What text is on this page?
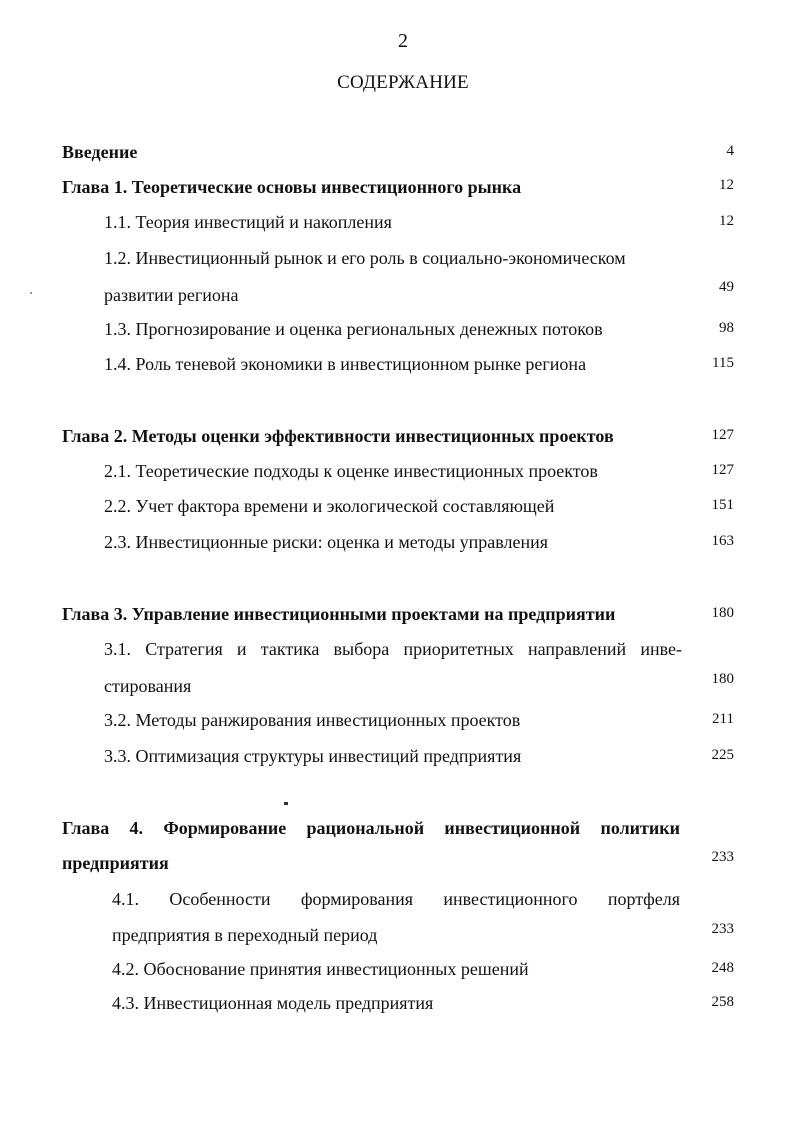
2
СОДЕРЖАНИЕ
Введение	4
Глава 1. Теоретические основы инвестиционного рынка	12
1.1. Теория инвестиций и накопления	12
1.2. Инвестиционный рынок и его роль в социально-экономическом
развитии региона	49
1.3. Прогнозирование и оценка региональных денежных потоков	98
1.4. Роль теневой экономики в инвестиционном рынке региона	115
Глава 2. Методы оценки эффективности инвестиционных проектов	127
2.1. Теоретические подходы к оценке инвестиционных проектов	127
2.2. Учет фактора времени и экологической составляющей	151
2.3. Инвестиционные риски: оценка и методы управления	163
Глава 3. Управление инвестиционными проектами на предприятии	180
3.1. Стратегия и тактика выбора приоритетных направлений инве-
стирования	180
3.2. Методы ранжирования инвестиционных проектов	211
3.3. Оптимизация структуры инвестиций предприятия	225
Глава 4. Формирование рациональной инвестиционной политики
предприятия	233
4.1. Особенности формирования инвестиционного портфеля
предприятия в переходный период	233
4.2. Обоснование принятия инвестиционных решений	248
4.3. Инвестиционная модель предприятия	258
